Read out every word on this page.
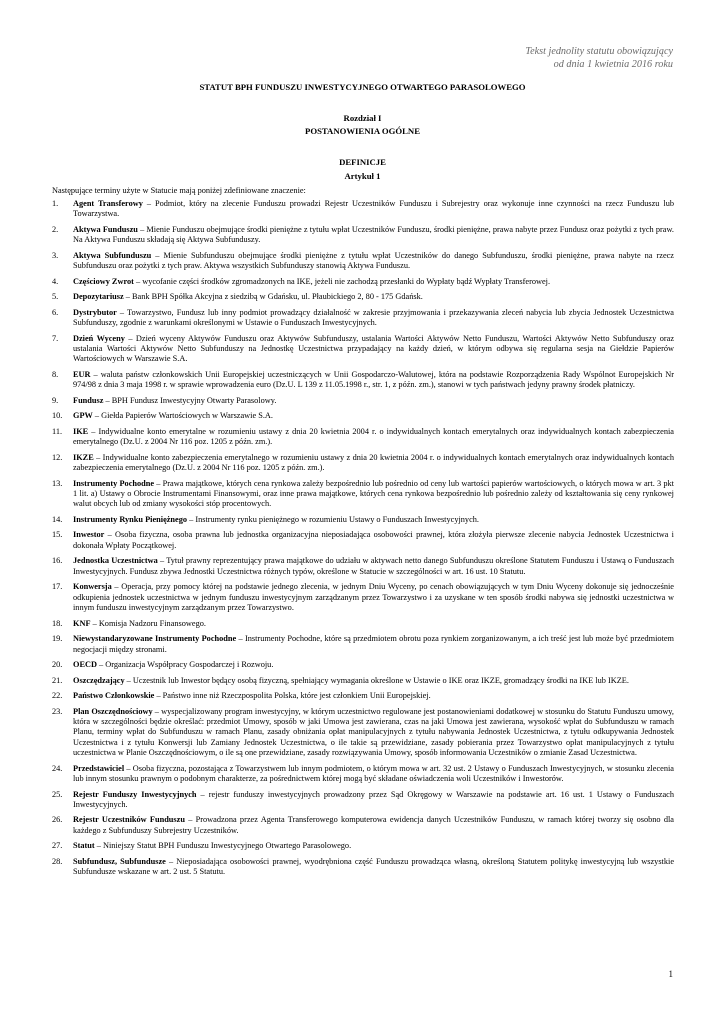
Tekst jednolity statutu obowiązujący
od dnia 1 kwietnia 2016 roku
STATUT BPH FUNDUSZU INWESTYCYJNEGO OTWARTEGO PARASOLOWEGO
Rozdział I
POSTANOWIENIA OGÓLNE
DEFINICJE
Artykuł 1
Następujące terminy użyte w Statucie mają poniżej zdefiniowane znaczenie:
1. Agent Transferowy – Podmiot, który na zlecenie Funduszu prowadzi Rejestr Uczestników Funduszu i Subrejestry oraz wykonuje inne czynności na rzecz Funduszu lub Towarzystwa.
2. Aktywa Funduszu – Mienie Funduszu obejmujące środki pieniężne z tytułu wpłat Uczestników Funduszu, środki pieniężne, prawa nabyte przez Fundusz oraz pożytki z tych praw. Na Aktywa Funduszu składają się Aktywa Subfunduszy.
3. Aktywa Subfunduszu – Mienie Subfunduszu obejmujące środki pieniężne z tytułu wpłat Uczestników do danego Subfunduszu, środki pieniężne, prawa nabyte na rzecz Subfunduszu oraz pożytki z tych praw. Aktywa wszystkich Subfunduszy stanowią Aktywa Funduszu.
4. Częściowy Zwrot – wycofanie części środków zgromadzonych na IKE, jeżeli nie zachodzą przesłanki do Wypłaty bądź Wypłaty Transferowej.
5. Depozytariusz – Bank BPH Spółka Akcyjna z siedzibą w Gdańsku, ul. Płaubickiego 2, 80 - 175 Gdańsk.
6. Dystrybutor – Towarzystwo, Fundusz lub inny podmiot prowadzący działalność w zakresie przyjmowania i przekazywania zleceń nabycia lub zbycia Jednostek Uczestnictwa Subfunduszy, zgodnie z warunkami określonymi w Ustawie o Funduszach Inwestycyjnych.
7. Dzień Wyceny – Dzień wyceny Aktywów Funduszu oraz Aktywów Subfunduszy, ustalania Wartości Aktywów Netto Funduszu, Wartości Aktywów Netto Subfunduszy oraz ustalania Wartości Aktywów Netto Subfunduszy na Jednostkę Uczestnictwa przypadający na każdy dzień, w którym odbywa się regularna sesja na Giełdzie Papierów Wartościowych w Warszawie S.A.
8. EUR – waluta państw członkowskich Unii Europejskiej uczestniczących w Unii Gospodarczo-Walutowej, która na podstawie Rozporządzenia Rady Wspólnot Europejskich Nr 974/98 z dnia 3 maja 1998 r. w sprawie wprowadzenia euro (Dz.U. L 139 z 11.05.1998 r., str. 1, z późn. zm.), stanowi w tych państwach jedyny prawny środek płatniczy.
9. Fundusz – BPH Fundusz Inwestycyjny Otwarty Parasolowy.
10. GPW – Giełda Papierów Wartościowych w Warszawie S.A.
11. IKE – Indywidualne konto emerytalne w rozumieniu ustawy z dnia 20 kwietnia 2004 r. o indywidualnych kontach emerytalnych oraz indywidualnych kontach zabezpieczenia emerytalnego (Dz.U. z 2004 Nr 116 poz. 1205 z późn. zm.).
12. IKZE – Indywidualne konto zabezpieczenia emerytalnego w rozumieniu ustawy z dnia 20 kwietnia 2004 r. o indywidualnych kontach emerytalnych oraz indywidualnych kontach zabezpieczenia emerytalnego (Dz.U. z 2004 Nr 116 poz. 1205 z późn. zm.).
13. Instrumenty Pochodne – Prawa majątkowe, których cena rynkowa zależy bezpośrednio lub pośrednio od ceny lub wartości papierów wartościowych, o których mowa w art. 3 pkt 1 lit. a) Ustawy o Obrocie Instrumentami Finansowymi, oraz inne prawa majątkowe, których cena rynkowa bezpośrednio lub pośrednio zależy od kształtowania się ceny rynkowej walut obcych lub od zmiany wysokości stóp procentowych.
14. Instrumenty Rynku Pieniężnego – Instrumenty rynku pieniężnego w rozumieniu Ustawy o Funduszach Inwestycyjnych.
15. Inwestor – Osoba fizyczna, osoba prawna lub jednostka organizacyjna nieposiadająca osobowości prawnej, która złożyła pierwsze zlecenie nabycia Jednostek Uczestnictwa i dokonała Wpłaty Początkowej.
16. Jednostka Uczestnictwa – Tytuł prawny reprezentujący prawa majątkowe do udziału w aktywach netto danego Subfunduszu określone Statutem Funduszu i Ustawą o Funduszach Inwestycyjnych. Fundusz zbywa Jednostki Uczestnictwa różnych typów, określone w Statucie w szczególności w art. 16 ust. 10 Statutu.
17. Konwersja – Operacja, przy pomocy której na podstawie jednego zlecenia, w jednym Dniu Wyceny, po cenach obowiązujących w tym Dniu Wyceny dokonuje się jednocześnie odkupienia jednostek uczestnictwa w jednym funduszu inwestycyjnym zarządzanym przez Towarzystwo i za uzyskane w ten sposób środki nabywa się jednostki uczestnictwa w innym funduszu inwestycyjnym zarządzanym przez Towarzystwo.
18. KNF – Komisja Nadzoru Finansowego.
19. Niewystandaryzowane Instrumenty Pochodne – Instrumenty Pochodne, które są przedmiotem obrotu poza rynkiem zorganizowanym, a ich treść jest lub może być przedmiotem negocjacji między stronami.
20. OECD – Organizacja Współpracy Gospodarczej i Rozwoju.
21. Oszczędzający – Uczestnik lub Inwestor będący osobą fizyczną, spełniający wymagania określone w Ustawie o IKE oraz IKZE, gromadzący środki na IKE lub IKZE.
22. Państwo Członkowskie – Państwo inne niż Rzeczpospolita Polska, które jest członkiem Unii Europejskiej.
23. Plan Oszczędnościowy – wyspecjalizowany program inwestycyjny, w którym uczestnictwo regulowane jest postanowieniami dodatkowej w stosunku do Statutu Funduszu umowy, która w szczególności będzie określać: przedmiot Umowy, sposób w jaki Umowa jest zawierana, czas na jaki Umowa jest zawierana, wysokość wpłat do Subfunduszu w ramach Planu, terminy wpłat do Subfunduszu w ramach Planu, zasady obniżania opłat manipulacyjnych z tytułu nabywania Jednostek Uczestnictwa, z tytułu odkupywania Jednostek Uczestnictwa i z tytułu Konwersji lub Zamiany Jednostek Uczestnictwa, o ile takie są przewidziane, zasady pobierania przez Towarzystwo opłat manipulacyjnych z tytułu uczestnictwa w Planie Oszczędnościowym, o ile są one przewidziane, zasady rozwiązywania Umowy, sposób informowania Uczestników o zmianie Zasad Uczestnictwa.
24. Przedstawiciel – Osoba fizyczna, pozostająca z Towarzystwem lub innym podmiotem, o którym mowa w art. 32 ust. 2 Ustawy o Funduszach Inwestycyjnych, w stosunku zlecenia lub innym stosunku prawnym o podobnym charakterze, za pośrednictwem której mogą być składane oświadczenia woli Uczestników i Inwestorów.
25. Rejestr Funduszy Inwestycyjnych – rejestr funduszy inwestycyjnych prowadzony przez Sąd Okręgowy w Warszawie na podstawie art. 16 ust. 1 Ustawy o Funduszach Inwestycyjnych.
26. Rejestr Uczestników Funduszu – Prowadzona przez Agenta Transferowego komputerowa ewidencja danych Uczestników Funduszu, w ramach której tworzy się osobno dla każdego z Subfunduszy Subrejestry Uczestników.
27. Statut – Niniejszy Statut BPH Funduszu Inwestycyjnego Otwartego Parasolowego.
28. Subfundusz, Subfundusze – Nieposiadająca osobowości prawnej, wyodrębniona część Funduszu prowadząca własną, określoną Statutem politykę inwestycyjną lub wszystkie Subfundusze wskazane w art. 2 ust. 5 Statutu.
1
